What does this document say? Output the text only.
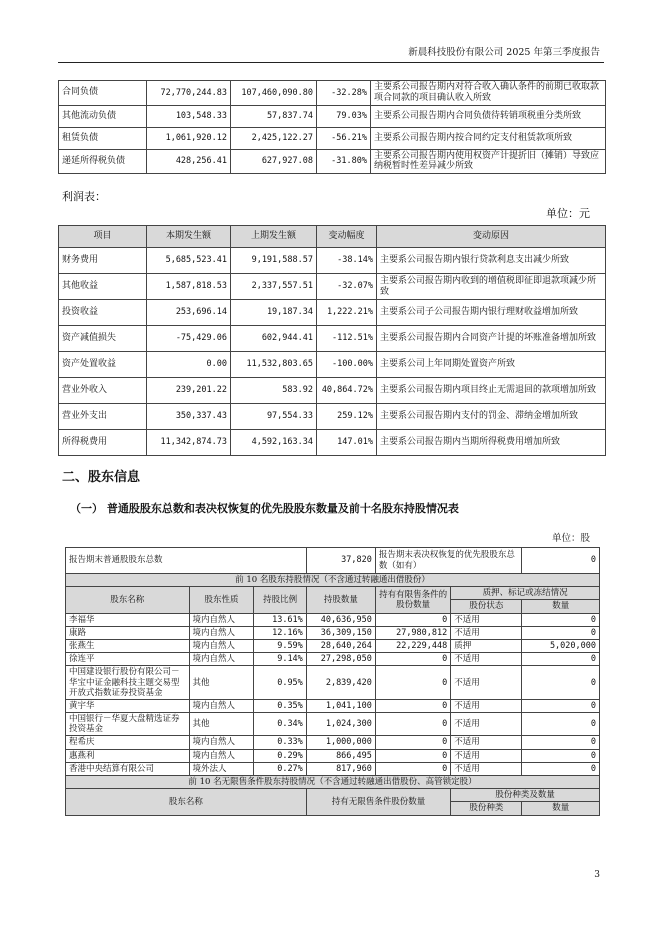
新晨科技股份有限公司 2025 年第三季度报告
合同负债	72,770,244.83	107,460,090.80	-32.28%	主要系公司报告期内对符合收入确认条件的前期已收取款项合同款的项目确认收入所致
其他流动负债	103,548.33	57,837.74	79.03%	主要系公司报告期内合同负债待转销项税重分类所致
租赁负债	1,061,920.12	2,425,122.27	-56.21%	主要系公司报告期内按合同约定支付租赁款项所致
递延所得税负债	428,256.41	627,927.08	-31.80%	主要系公司报告期内使用权资产计提折旧（摊销）导致应纳税暂时性差异减少所致
利润表：
单位：元
项目	本期发生额	上期发生额	变动幅度	变动原因
财务费用	5,685,523.41	9,191,588.57	-38.14%	主要系公司报告期内银行贷款利息支出减少所致
其他收益	1,587,818.53	2,337,557.51	-32.07%	主要系公司报告期内收到的增值税即征即退款项减少所致
投资收益	253,696.14	19,187.34	1,222.21%	主要系公司子公司报告期内银行理财收益增加所致
资产减值损失	-75,429.06	602,944.41	-112.51%	主要系公司报告期内合同资产计提的坏账准备增加所致
资产处置收益	0.00	11,532,803.65	-100.00%	主要系公司上年同期处置资产所致
营业外收入	239,201.22	583.92	40,864.72%	主要系公司报告期内项目终止无需退回的款项增加所致
营业外支出	350,337.43	97,554.33	259.12%	主要系公司报告期内支付的罚金、滞纳金增加所致
所得税费用	11,342,874.73	4,592,163.34	147.01%	主要系公司报告期内当期所得税费用增加所致
二、股东信息
（一） 普通股股东总数和表决权恢复的优先股股东数量及前十名股东持股情况表
单位：股
报告期末普通股股东总数			37,820	报告期末表决权恢复的优先股股东总数（如有）		0
前 10 名股东持股情况（不含通过转融通出借股份）						
股东名称	股东性质	持股比例	持股数量	持有有限售条件的股份数量	质押、标记或冻结情况	
					股份状态	数量
李福华	境内自然人	13.61%	40,636,950	0	不适用	0
康路	境内自然人	12.16%	36,309,150	27,980,812	不适用	0
张燕生	境内自然人	9.59%	28,640,264	22,229,448	质押	5,020,000
徐连平	境内自然人	9.14%	27,298,050	0	不适用	0
中国建设银行股份有限公司－华宝中证金融科技主题交易型开放式指数证券投资基金	其他	0.95%	2,839,420	0	不适用	0
黄宇华	境内自然人	0.35%	1,041,100	0	不适用	0
中国银行－华夏大盘精选证券投资基金	其他	0.34%	1,024,300	0	不适用	0
程希庆	境内自然人	0.33%	1,000,000	0	不适用	0
惠燕利	境内自然人	0.29%	866,495	0	不适用	0
香港中央结算有限公司	境外法人	0.27%	817,960	0	不适用	0
前 10 名无限售条件股东持股情况（不含通过转融通出借股份、高管锁定股）						
股东名称			持有无限售条件股份数量		股份种类及数量	
					股份种类	数量
3
